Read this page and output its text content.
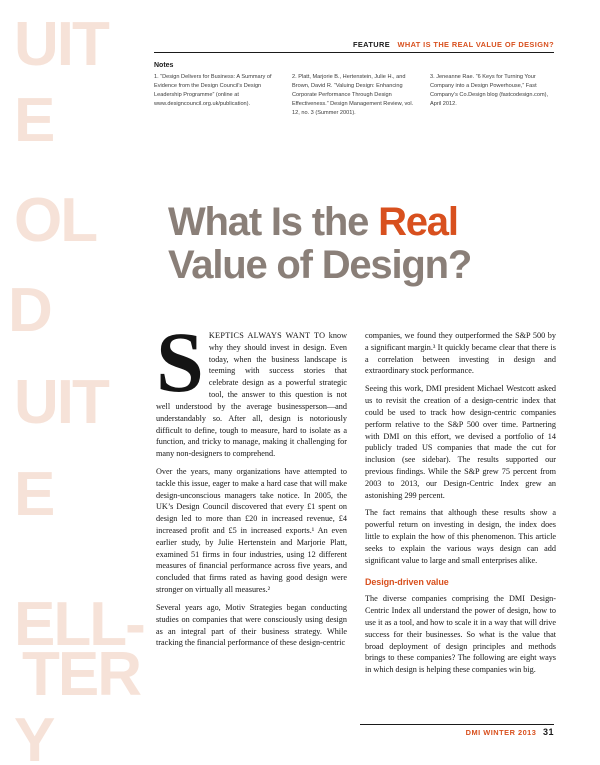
UIT
E
OL
D
UIT
E
ELL-
TER
Y
FEATURE WHAT IS THE REAL VALUE OF DESIGN?
Notes
1. “Design Delivers for Business: A Summary of Evidence from the Design Council’s Design Leadership Programme” (online at www.designcouncil.org.uk/publication).
2. Platt, Marjorie B., Hertenstein, Julie H., and Brown, David R. “Valuing Design: Enhancing Corporate Performance Through Design Effectiveness.” Design Management Review, vol. 12, no. 3 (Summer 2001).
3. Jeneanne Rae. “6 Keys for Turning Your Company into a Design Powerhouse,” Fast Company’s Co.Design blog (fastcodesign.com), April 2012.
What Is the Real
Value of Design?

SKEPTICS ALWAYS WANT TO know why they should invest in design. Even today, when the business landscape is teeming with success stories that celebrate design as a powerful strategic tool, the answer to this question is not well understood by the average businessperson—and understandably so. After all, design is notoriously difficult to define, tough to measure, hard to isolate as a function, and tricky to manage, making it challenging for many non-designers to comprehend.

Over the years, many organizations have attempted to tackle this issue, eager to make a hard case that will make design-unconscious managers take notice. In 2005, the UK’s Design Council discovered that every £1 spent on design led to more than £20 in increased revenue, £4 increased profit and £5 in increased exports.¹ An even earlier study, by Julie Hertenstein and Marjorie Platt, examined 51 firms in four industries, using 12 different measures of financial performance across five years, and concluded that firms rated as having good design were stronger on virtually all measures.²

Several years ago, Motiv Strategies began conducting studies on companies that were consciously using design as an integral part of their business strategy. While tracking the financial performance of these design-centric

companies, we found they outperformed the S&P 500 by a significant margin.³ It quickly became clear that there is a correlation between investing in design and extraordinary stock performance.

Seeing this work, DMI president Michael Westcott asked us to revisit the creation of a design-centric index that could be used to track how design-centric companies perform relative to the S&P 500 over time. Partnering with DMI on this effort, we devised a portfolio of 14 publicly traded US companies that made the cut for inclusion (see sidebar). The results supported our previous findings. While the S&P grew 75 percent from 2003 to 2013, our Design-Centric Index grew an astonishing 299 percent.

The fact remains that although these results show a powerful return on investing in design, the index does little to explain the how of this phenomenon. This article seeks to explain the various ways design can add significant value to large and small enterprises alike.

Design-driven value

The diverse companies comprising the DMI Design-Centric Index all understand the power of design, how to use it as a tool, and how to scale it in a way that will drive success for their businesses. So what is the value that broad deployment of design principles and methods brings to these companies? The following are eight ways in which design is helping these companies win big.

DMI WINTER 2013 31
